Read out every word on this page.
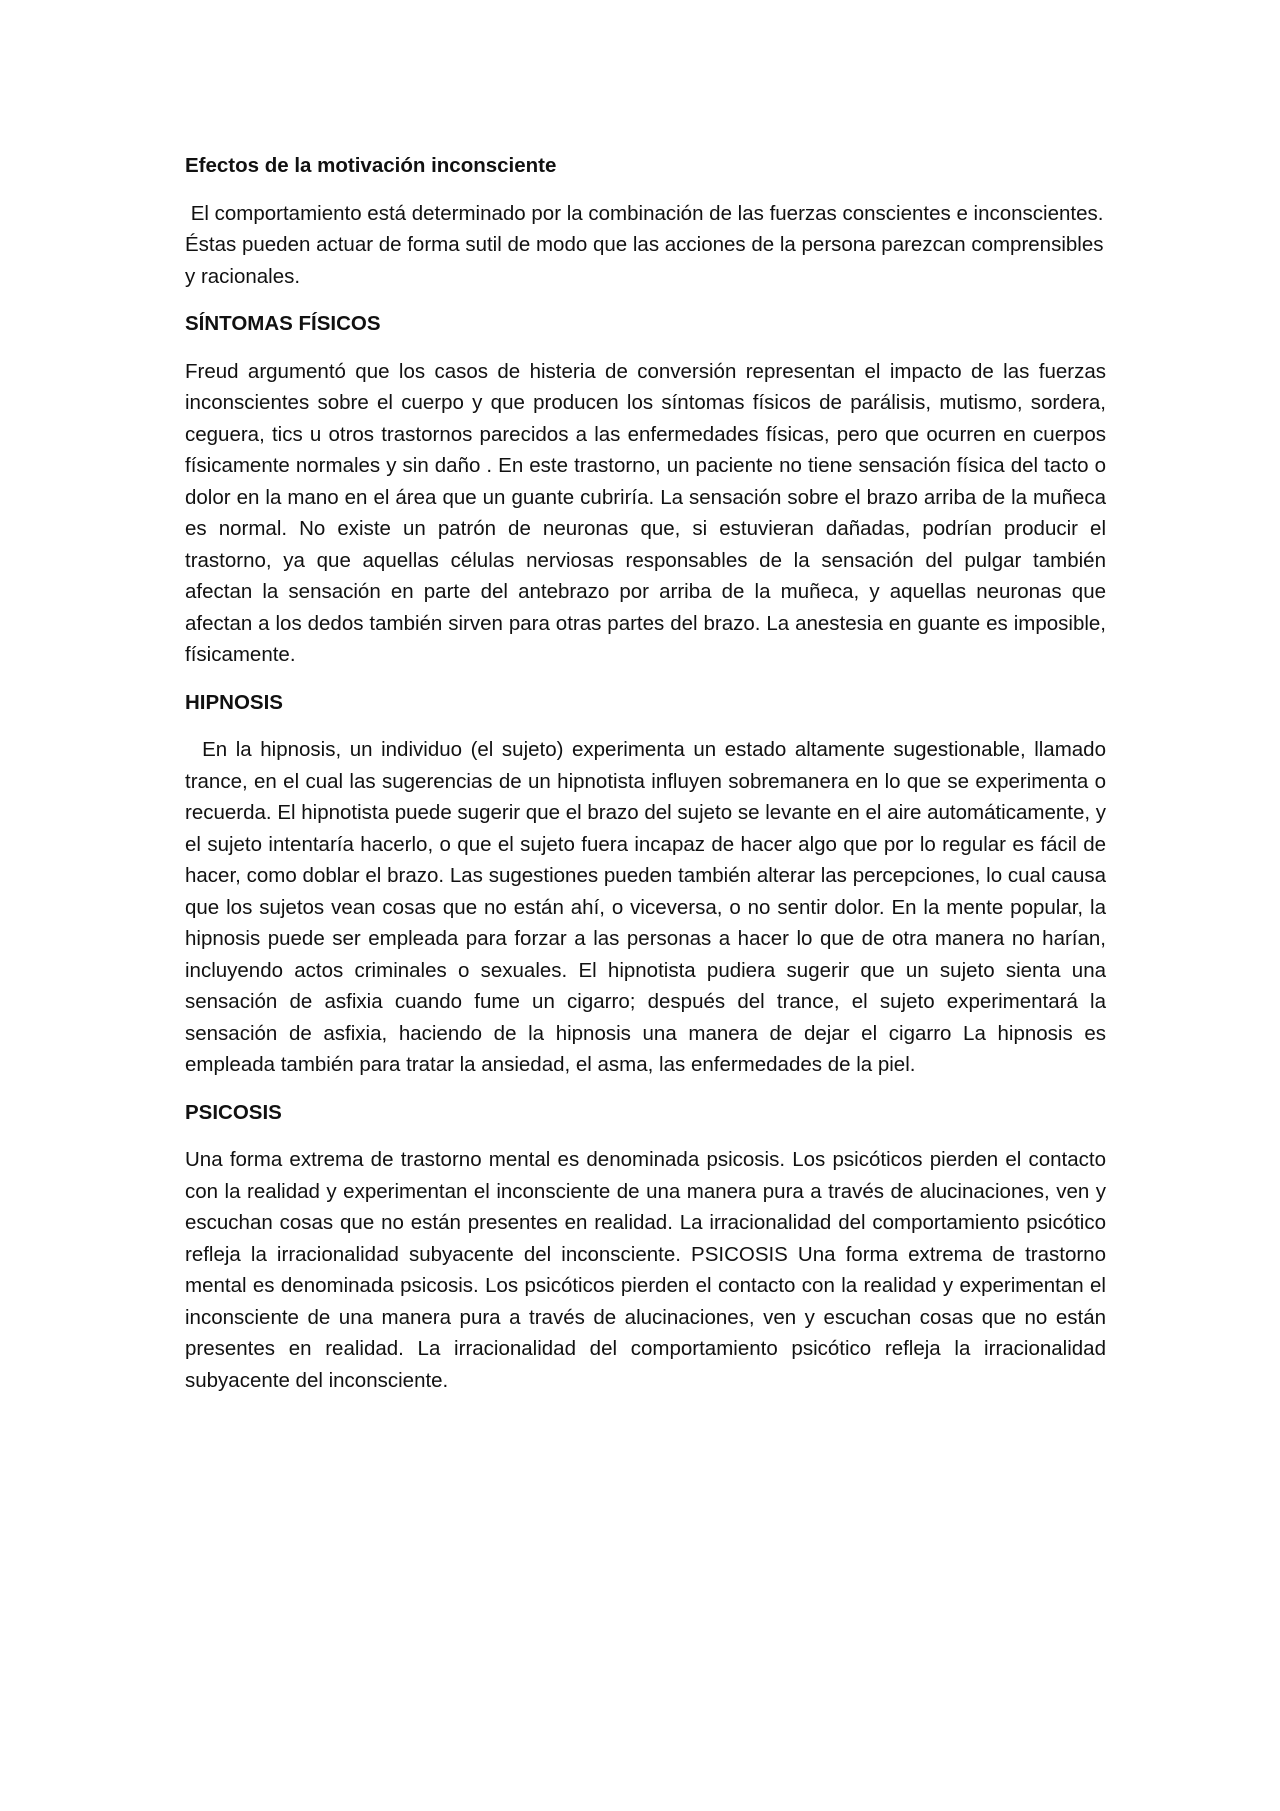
Efectos de la motivación inconsciente

El comportamiento está determinado por la combinación de las fuerzas conscientes e inconscientes. Éstas pueden actuar de forma sutil de modo que las acciones de la persona parezcan comprensibles y racionales.

SÍNTOMAS FÍSICOS

Freud argumentó que los casos de histeria de conversión representan el impacto de las fuerzas inconscientes sobre el cuerpo y que producen los síntomas físicos de parálisis, mutismo, sordera, ceguera, tics u otros trastornos parecidos a las enfermedades físicas, pero que ocurren en cuerpos físicamente normales y sin daño . En este trastorno, un paciente no tiene sensación física del tacto o dolor en la mano en el área que un guante cubriría. La sensación sobre el brazo arriba de la muñeca es normal. No existe un patrón de neuronas que, si estuvieran dañadas, podrían producir el trastorno, ya que aquellas células nerviosas responsables de la sensación del pulgar también afectan la sensación en parte del antebrazo por arriba de la muñeca, y aquellas neuronas que afectan a los dedos también sirven para otras partes del brazo. La anestesia en guante es imposible, físicamente.

HIPNOSIS

En la hipnosis, un individuo (el sujeto) experimenta un estado altamente sugestionable, llamado trance, en el cual las sugerencias de un hipnotista influyen sobremanera en lo que se experimenta o recuerda. El hipnotista puede sugerir que el brazo del sujeto se levante en el aire automáticamente, y el sujeto intentaría hacerlo, o que el sujeto fuera incapaz de hacer algo que por lo regular es fácil de hacer, como doblar el brazo. Las sugestiones pueden también alterar las percepciones, lo cual causa que los sujetos vean cosas que no están ahí, o viceversa, o no sentir dolor. En la mente popular, la hipnosis puede ser empleada para forzar a las personas a hacer lo que de otra manera no harían, incluyendo actos criminales o sexuales. El hipnotista pudiera sugerir que un sujeto sienta una sensación de asfixia cuando fume un cigarro; después del trance, el sujeto experimentará la sensación de asfixia, haciendo de la hipnosis una manera de dejar el cigarro La hipnosis es empleada también para tratar la ansiedad, el asma, las enfermedades de la piel.

PSICOSIS

Una forma extrema de trastorno mental es denominada psicosis. Los psicóticos pierden el contacto con la realidad y experimentan el inconsciente de una manera pura a través de alucinaciones, ven y escuchan cosas que no están presentes en realidad. La irracionalidad del comportamiento psicótico refleja la irracionalidad subyacente del inconsciente. PSICOSIS Una forma extrema de trastorno mental es denominada psicosis. Los psicóticos pierden el contacto con la realidad y experimentan el inconsciente de una manera pura a través de alucinaciones, ven y escuchan cosas que no están presentes en realidad. La irracionalidad del comportamiento psicótico refleja la irracionalidad subyacente del inconsciente.
